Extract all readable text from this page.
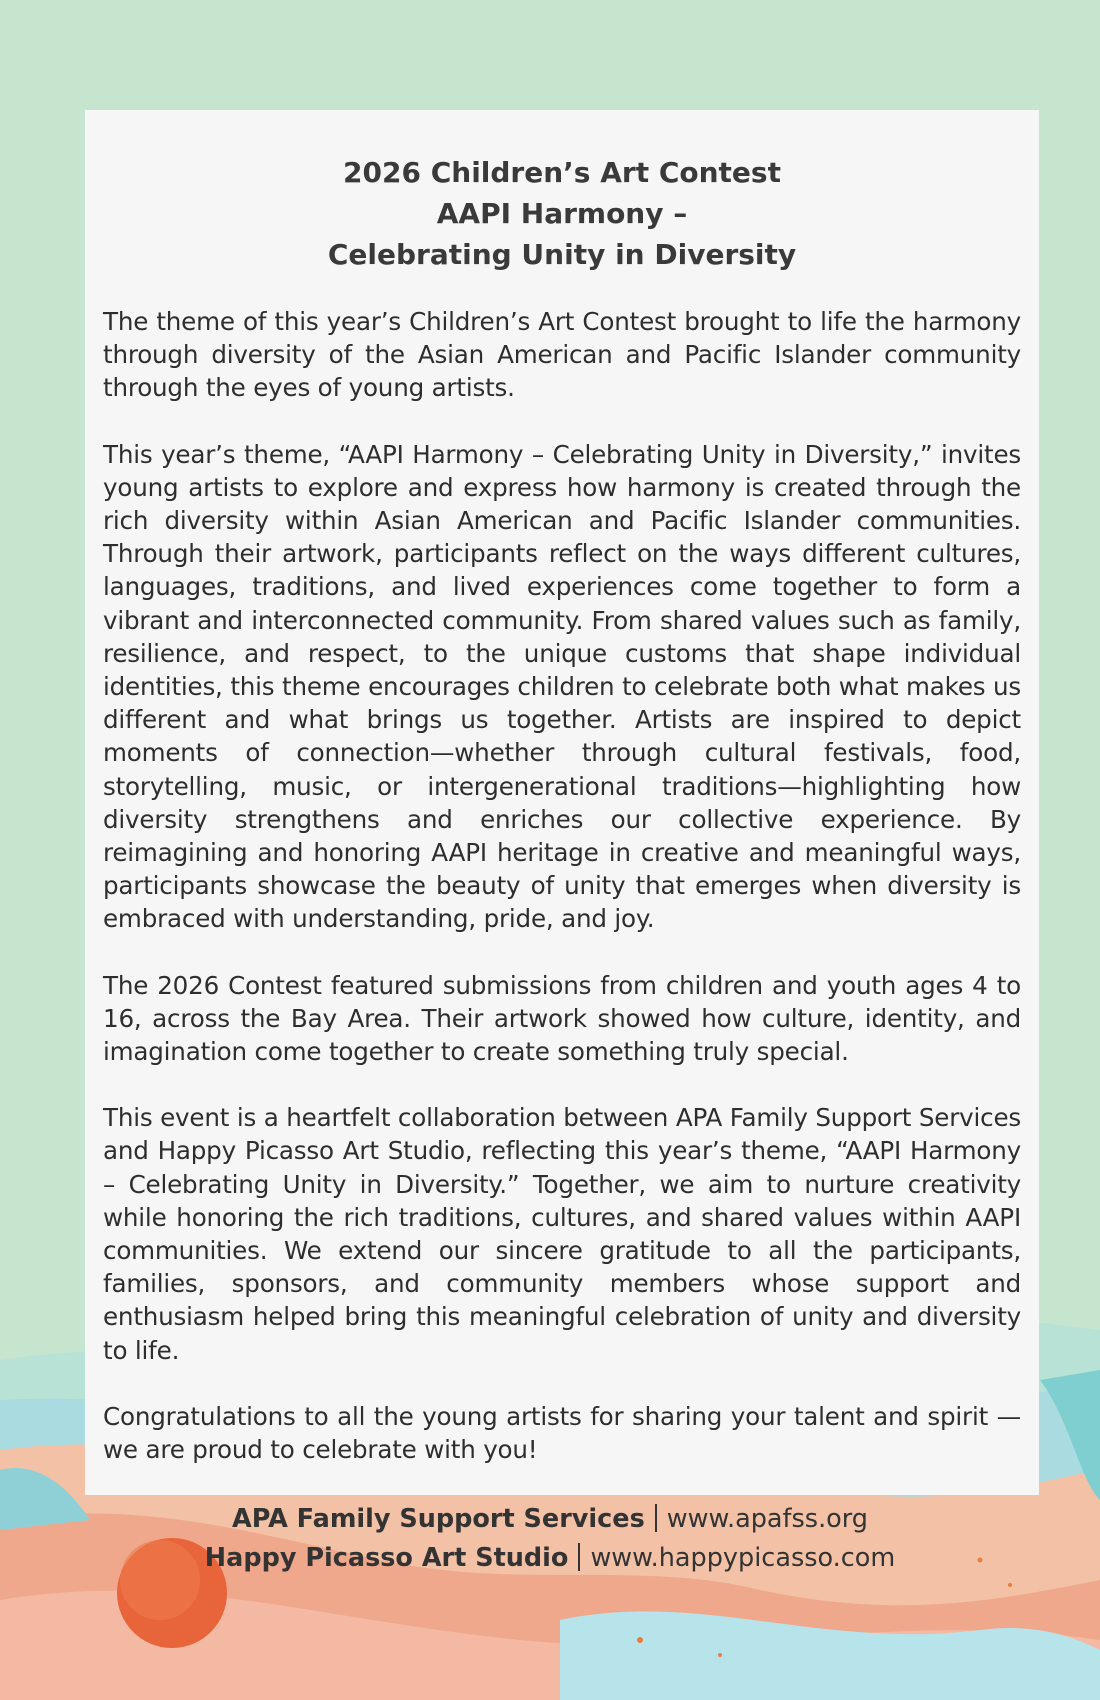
2026 Children’s Art Contest
AAPI Harmony –
Celebrating Unity in Diversity

The theme of this year’s Children’s Art Contest brought to life the harmony through diversity of the Asian American and Pacific Islander community through the eyes of young artists.

This year’s theme, “AAPI Harmony – Celebrating Unity in Diversity,” invites young artists to explore and express how harmony is created through the rich diversity within Asian American and Pacific Islander communities. Through their artwork, participants reflect on the ways different cultures, languages, traditions, and lived experiences come together to form a vibrant and interconnected community. From shared values such as family, resilience, and respect, to the unique customs that shape individual identities, this theme encourages children to celebrate both what makes us different and what brings us together. Artists are inspired to depict moments of connection—whether through cultural festivals, food, storytelling, music, or intergenerational traditions—highlighting how diversity strengthens and enriches our collective experience. By reimagining and honoring AAPI heritage in creative and meaningful ways, participants showcase the beauty of unity that emerges when diversity is embraced with understanding, pride, and joy.

The 2026 Contest featured submissions from children and youth ages 4 to 16, across the Bay Area. Their artwork showed how culture, identity, and imagination come together to create something truly special.

This event is a heartfelt collaboration between APA Family Support Services and Happy Picasso Art Studio, reflecting this year’s theme, “AAPI Harmony – Celebrating Unity in Diversity.” Together, we aim to nurture creativity while honoring the rich traditions, cultures, and shared values within AAPI communities. We extend our sincere gratitude to all the participants, families, sponsors, and community members whose support and enthusiasm helped bring this meaningful celebration of unity and diversity to life.

Congratulations to all the young artists for sharing your talent and spirit — we are proud to celebrate with you!

APA Family Support Services www.apafss.org
Happy Picasso Art Studio www.happypicasso.com
